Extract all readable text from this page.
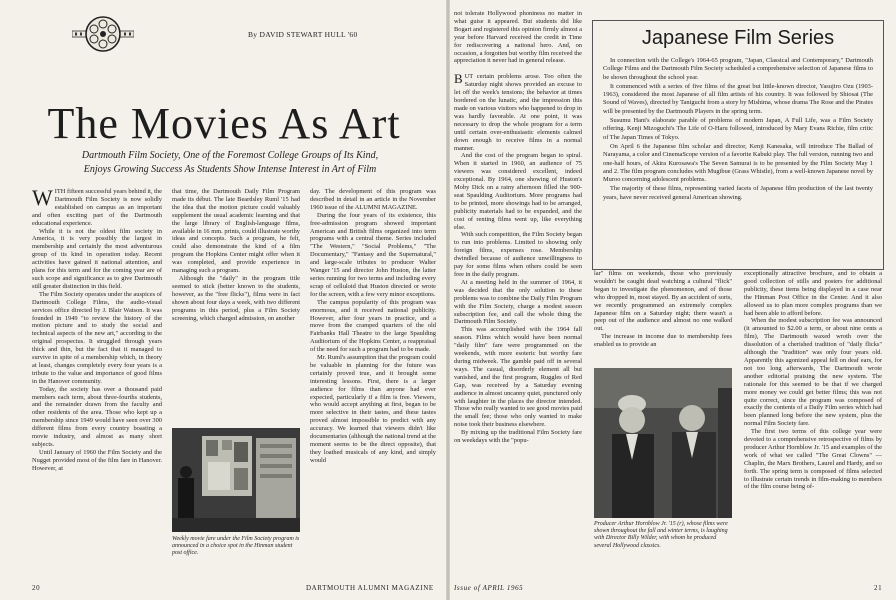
By DAVID STEWART HULL '60
The Movies As Art
Dartmouth Film Society, One of the Foremost College Groups of Its Kind,
Enjoys Growing Success As Students Show Intense Interest in Art of Film

WITH fifteen successful years behind it, the Dartmouth Film Society is now solidly established on campus as an important and often exciting part of the Dartmouth educational experience.

While it is not the oldest film society in America, it is very possibly the largest in membership and certainly the most adventurous group of its kind in operation today. Recent activities have gained it national attention, and plans for this term and for the coming year are of such scope and significance as to give Dartmouth still greater distinction in this field.

The Film Society operates under the auspices of Dartmouth College Films, the audio-visual services office directed by J. Blair Watson. It was founded in 1949 "to review the history of the motion picture and to study the social and technical aspects of the new art," according to the original prospectus. It struggled through years thick and thin, but the fact that it managed to survive in spite of a membership which, in theory at least, changes completely every four years is a tribute to the value and importance of good films in the Hanover community.

Today, the society has over a thousand paid members each term, about three-fourths students, and the remainder drawn from the faculty and other residents of the area. Those who kept up a membership since 1949 would have seen over 300 different films from every country boasting a movie industry, and almost as many short subjects.

Until January of 1960 the Film Society and the Nugget provided most of the film fare in Hanover. However, at

that time, the Dartmouth Daily Film Program made its début. The late Beardsley Ruml '15 had the idea that the motion picture could valuably supplement the usual academic learning and that the large library of English-language films, available in 16 mm. prints, could illustrate worthy ideas and concepts. Such a program, he felt, could also demonstrate the kind of a film program the Hopkins Center might offer when it was completed, and provide experience in managing such a program.

Although the "daily" in the program title seemed to stick (better known to the students, however, as the "free flicks"), films were in fact shown about four days a week, with two different programs in this period, plus a Film Society screening, which charged admission, on another

Weekly movie fare under the Film Society program is announced in a choice spot in the Hinman student post office.

day. The development of this program was described in detail in an article in the November 1960 issue of the ALUMNI MAGAZINE.

During the four years of its existence, this free-admission program showed important American and British films organized into term programs with a central theme. Series included "The Western," "Social Problems," "The Documentary," "Fantasy and the Supernatural," and large-scale tributes to producer Walter Wanger '15 and director John Huston, the latter series running for two terms and including every scrap of celluloid that Huston directed or wrote for the screen, with a few very minor exceptions.

The campus popularity of this program was enormous, and it received national publicity. However, after four years in practice, and a move from the cramped quarters of the old Fairbanks Hall Theatre to the large Spaulding Auditorium of the Hopkins Center, a reappraisal of the need for such a program had to be made.

Mr. Ruml's assumption that the program could be valuable in planning for the future was certainly proved true, and it brought some interesting lessons. First, there is a larger audience for films than anyone had ever expected, particularly if a film is free. Viewers, who would accept anything at first, began to be more selective in their tastes, and these tastes proved almost impossible to predict with any accuracy. We learned that viewers didn't like documentaries (although the national trend at the moment seems to be the direct opposite), that they loathed musicals of any kind, and simply would

20	DARTMOUTH ALUMNI MAGAZINE

not tolerate Hollywood phoniness no matter in what guise it appeared. But students did like Bogart and registered this opinion firmly almost a year before Harvard received the credit in Time for rediscovering a national hero. And, on occasion, a forgotten but worthy film received the appreciation it never had in general release.

BUT certain problems arose. Too often the Saturday night shows provided an excuse to let off the week's tensions; the behavior at times bordered on the lunatic, and the impression this made on various visitors who happened to drop in was hardly favorable. At one point, it was necessary to drop the whole program for a term until certain over-enthusiastic elements calmed down enough to receive films in a normal manner.

And the cost of the program began to spiral. When it started in 1960, an audience of 75 viewers was considered excellent, indeed exceptional. By 1964, one showing of Huston's Moby Dick on a rainy afternoon filled the 900-seat Spaulding Auditorium. More programs had to be printed, more showings had to be arranged, publicity materials had to be expanded, and the cost of renting films went up, like everything else.

With such competition, the Film Society began to run into problems. Limited to showing only foreign films, expenses rose. Membership dwindled because of audience unwillingness to pay for some films when others could be seen free in the daily program.

At a meeting held in the summer of 1964, it was decided that the only solution to these problems was to combine the Daily Film Program with the Film Society, charge a modest season subscription fee, and call the whole thing the Dartmouth Film Society.

This was accomplished with the 1964 fall season. Films which would have been normal "daily film" fare were programmed on the weekends, with more esoteric but worthy fare during midweek. The gamble paid off in several ways. The casual, disorderly element all but vanished, and the first program, Ruggles of Red Gap, was received by a Saturday evening audience in almost uncanny quiet, punctured only with laughter in the places the director intended. Those who really wanted to see good movies paid the small fee; those who only wanted to make noise took their business elsewhere.

By mixing up the traditional Film Society fare on weekdays with the "popu-

Japanese Film Series

In connection with the College's 1964-65 program, "Japan, Classical and Contemporary," Dartmouth College Films and the Dartmouth Film Society scheduled a comprehensive selection of Japanese films to be shown throughout the school year.

It commenced with a series of five films of the great but little-known director, Yasujiro Ozu (1903-1963), considered the most Japanese of all film artists of his country. It was followed by Shiosai (The Sound of Waves), directed by Taniguchi from a story by Mishima, whose drama The Rose and the Pirates will be presented by the Dartmouth Players in the spring term.

Susumu Hani's elaborate parable of problems of modern Japan, A Full Life, was a Film Society offering. Kenji Mizoguchi's The Life of O-Haru followed, introduced by Mary Evans Richie, film critic of The Japan Times of Tokyo.

On April 6 the Japanese film scholar and director, Kenji Kanesaka, will introduce The Ballad of Narayama, a color and CinemaScope version of a favorite Kabuki play. The full version, running two and one-half hours, of Akira Kurosawa's The Seven Samurai is to be presented by the Film Society May 1 and 2. The film program concludes with Mugibue (Grass Whistle), from a well-known Japanese novel by Muroo concerning adolescent problems.

The majority of these films, representing varied facets of Japanese film production of the last twenty years, have never received general American showing.

lar" films on weekends, those who previously wouldn't be caught dead watching a cultural "flick" began to investigate the phenomenon, and of those who dropped in, most stayed. By an accident of sorts, we recently programmed an extremely complex Japanese film on a Saturday night; there wasn't a peep out of the audience and almost no one walked out.

The increase in income due to membership fees enabled us to provide an

Producer Arthur Hornblow Jr. '15 (r), whose films were shown throughout the fall and winter terms, is laughing with Director Billy Wilder, with whom he produced several Hollywood classics.

exceptionally attractive brochure, and to obtain a good collection of stills and posters for additional publicity, these items being displayed in a case near the Hinman Post Office in the Center. And it also allowed us to plan more complex programs than we had been able to afford before.

When the modest subscription fee was announced (it amounted to $2.00 a term, or about nine cents a film), The Dartmouth waxed wroth over the dissolution of a cherished tradition of "daily flicks" although the "tradition" was only four years old. Apparently this agonized appeal fell on deaf ears, for not too long afterwards, The Dartmouth wrote another editorial praising the new system. The rationale for this seemed to be that if we charged more money we could get better films; this was not quite correct, since the program was composed of exactly the contents of a Daily Film series which had been planned long before the new system, plus the normal Film Society fare.

The first two terms of this college year were devoted to a comprehensive retrospective of films by producer Arthur Hornblow Jr. '15 and examples of the work of what we called "The Great Clowns" — Chaplin, the Marx Brothers, Laurel and Hardy, and so forth. The spring term is composed of films selected to illustrate certain trends in film-making to members of the film course being of-

Issue of APRIL 1965	21
